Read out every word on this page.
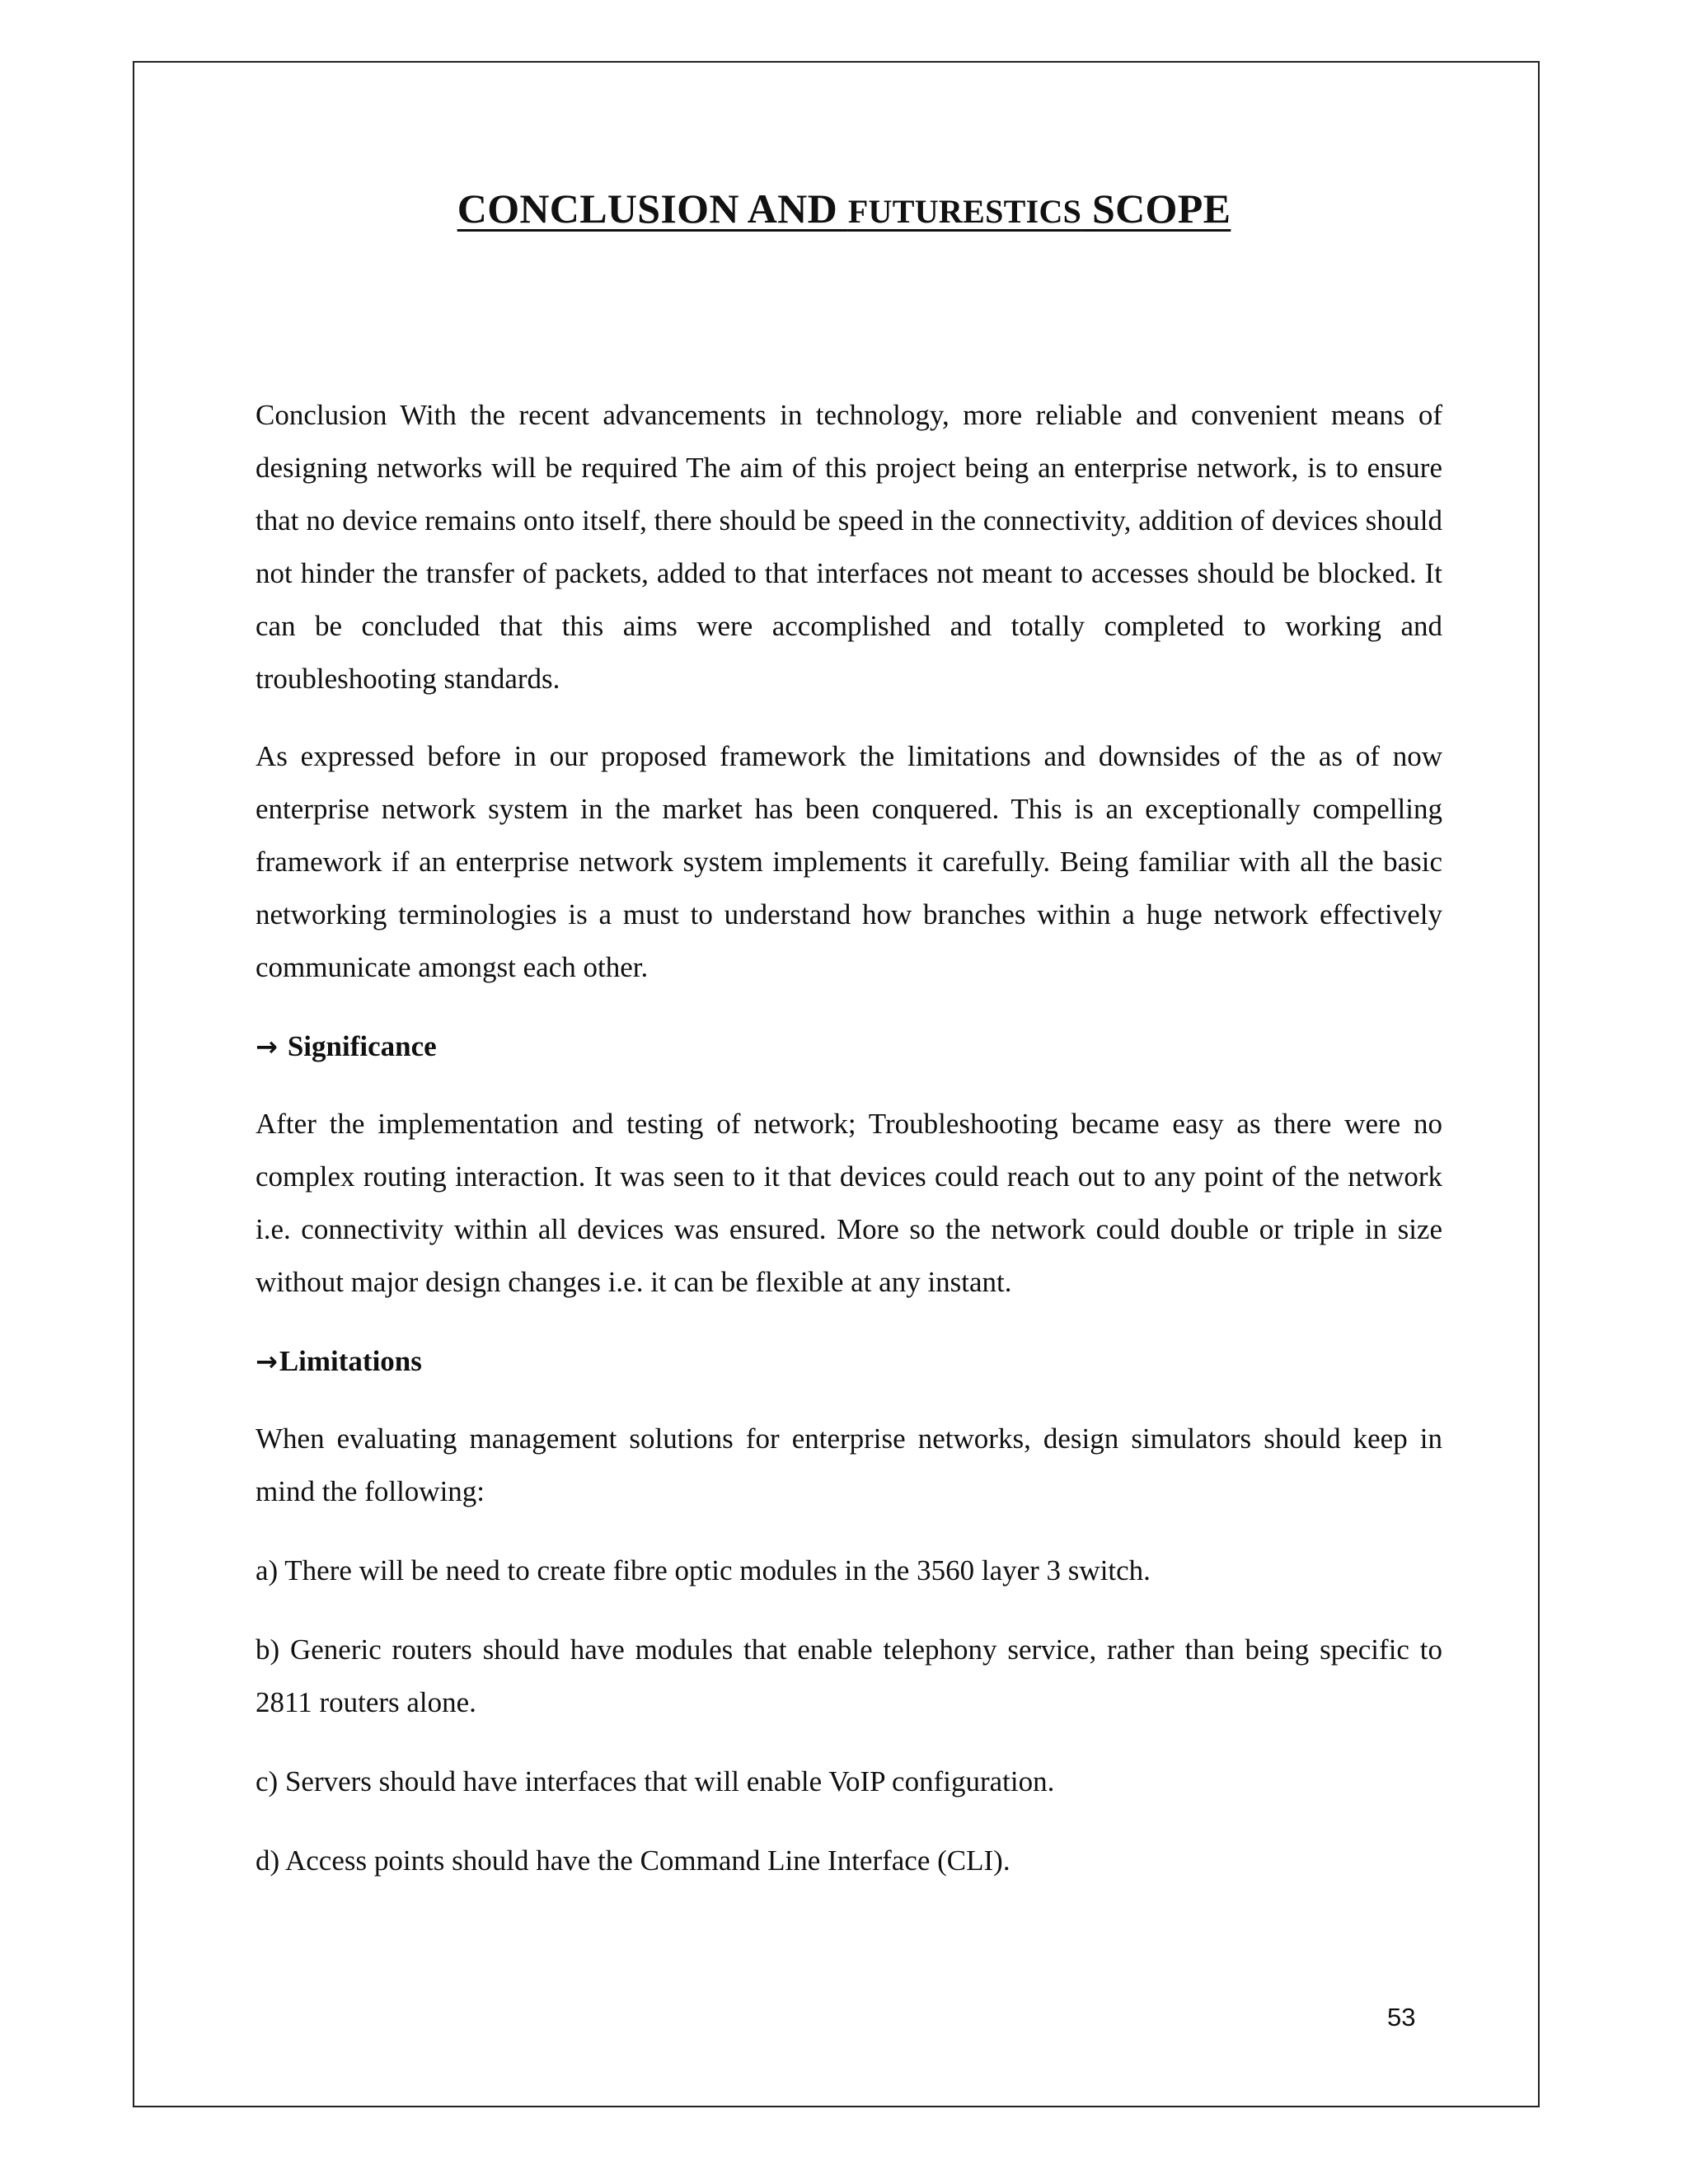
CONCLUSION AND FUTURESTICS SCOPE

Conclusion With the recent advancements in technology, more reliable and convenient means of designing networks will be required The aim of this project being an enterprise network, is to ensure that no device remains onto itself, there should be speed in the connectivity, addition of devices should not hinder the transfer of packets, added to that interfaces not meant to accesses should be blocked. It can be concluded that this aims were accomplished and totally completed to working and troubleshooting standards.

As expressed before in our proposed framework the limitations and downsides of the as of now enterprise network system in the market has been conquered. This is an exceptionally compelling framework if an enterprise network system implements it carefully. Being familiar with all the basic networking terminologies is a must to understand how branches within a huge network effectively communicate amongst each other.

→ Significance

After the implementation and testing of network; Troubleshooting became easy as there were no complex routing interaction. It was seen to it that devices could reach out to any point of the network i.e. connectivity within all devices was ensured. More so the network could double or triple in size without major design changes i.e. it can be flexible at any instant.

→ Limitations

When evaluating management solutions for enterprise networks, design simulators should keep in mind the following:

a) There will be need to create fibre optic modules in the 3560 layer 3 switch.

b) Generic routers should have modules that enable telephony service, rather than being specific to 2811 routers alone.

c) Servers should have interfaces that will enable VoIP configuration.

d) Access points should have the Command Line Interface (CLI).

53
